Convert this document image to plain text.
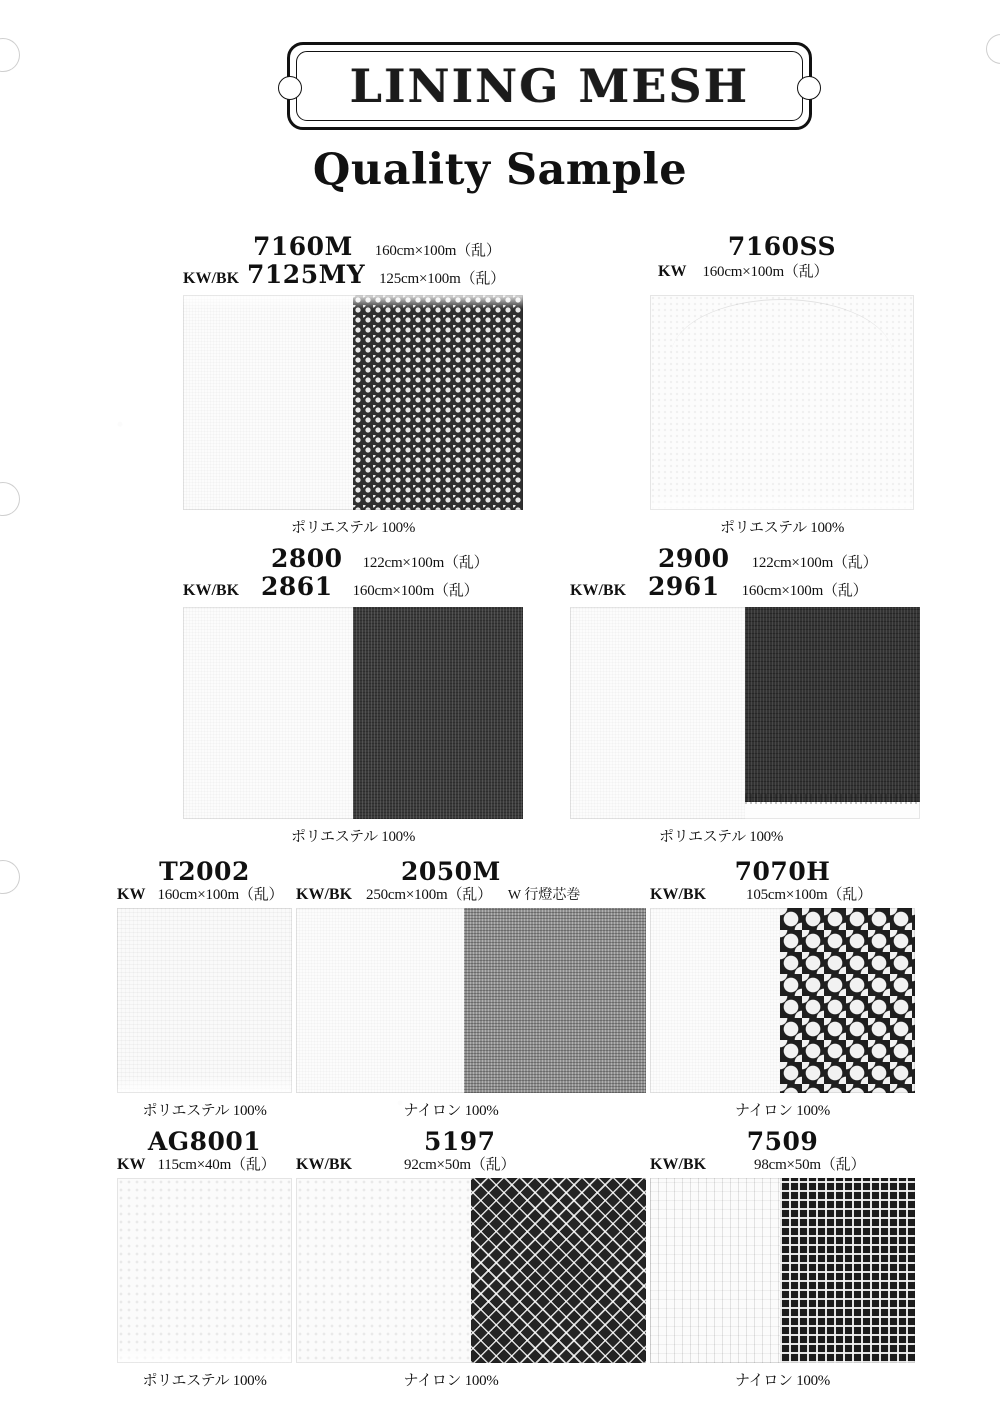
LINING MESH
Quality Sample
7160M 160cm×100m（乱）
KW/BK 7125MY 125cm×100m（乱）
ポリエステル 100%
7160SS
KW 160cm×100m（乱）
ポリエステル 100%
2800 122cm×100m（乱）
KW/BK 2861 160cm×100m（乱）
ポリエステル 100%
2900 122cm×100m（乱）
KW/BK 2961 160cm×100m（乱）
ポリエステル 100%
T2002
KW 160cm×100m（乱）
ポリエステル 100%
2050M
KW/BK 250cm×100m（乱） W 行燈芯巻
ナイロン 100%
7070H
KW/BK	105cm×100m（乱）
ナイロン 100%
AG8001
KW 115cm×40m（乱）
ポリエステル 100%
5197
KW/BK	92cm×50m（乱）
ナイロン 100%
7509
KW/BK	98cm×50m（乱）
ナイロン 100%
